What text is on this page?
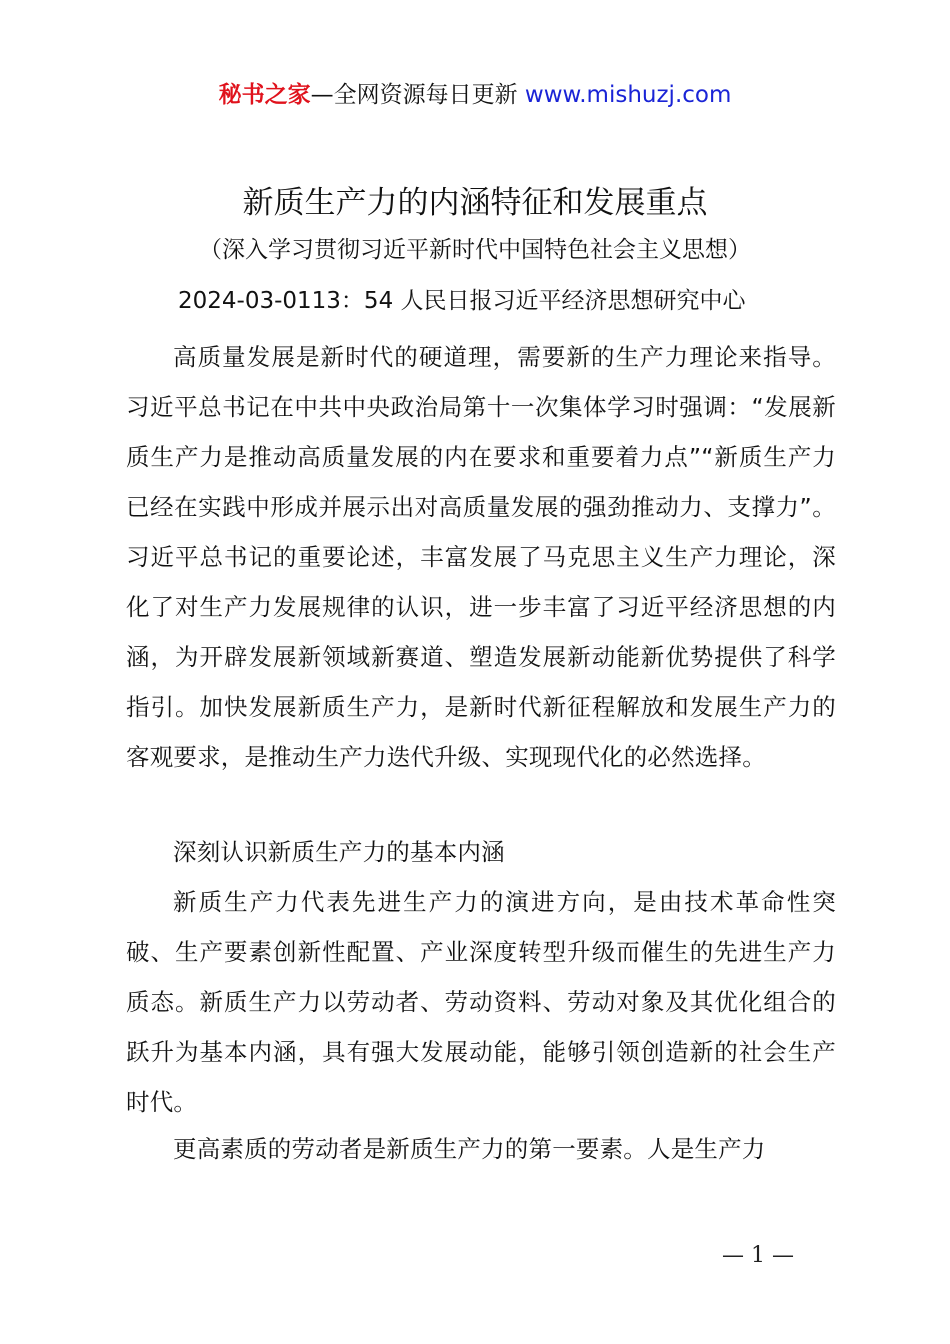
秘书之家—全网资源每日更新 www.mishuzj.com
新质生产力的内涵特征和发展重点
（深入学习贯彻习近平新时代中国特色社会主义思想）
2024-03-0113：54 人民日报习近平经济思想研究中心

高质量发展是新时代的硬道理，需要新的生产力理论来指导。习近平总书记在中共中央政治局第十一次集体学习时强调：“发展新质生产力是推动高质量发展的内在要求和重要着力点”“新质生产力已经在实践中形成并展示出对高质量发展的强劲推动力、支撑力”。习近平总书记的重要论述，丰富发展了马克思主义生产力理论，深化了对生产力发展规律的认识，进一步丰富了习近平经济思想的内涵，为开辟发展新领域新赛道、塑造发展新动能新优势提供了科学指引。加快发展新质生产力，是新时代新征程解放和发展生产力的客观要求，是推动生产力迭代升级、实现现代化的必然选择。

深刻认识新质生产力的基本内涵

新质生产力代表先进生产力的演进方向，是由技术革命性突破、生产要素创新性配置、产业深度转型升级而催生的先进生产力质态。新质生产力以劳动者、劳动资料、劳动对象及其优化组合的跃升为基本内涵，具有强大发展动能，能够引领创造新的社会生产时代。

更高素质的劳动者是新质生产力的第一要素。人是生产力

— 1 —
